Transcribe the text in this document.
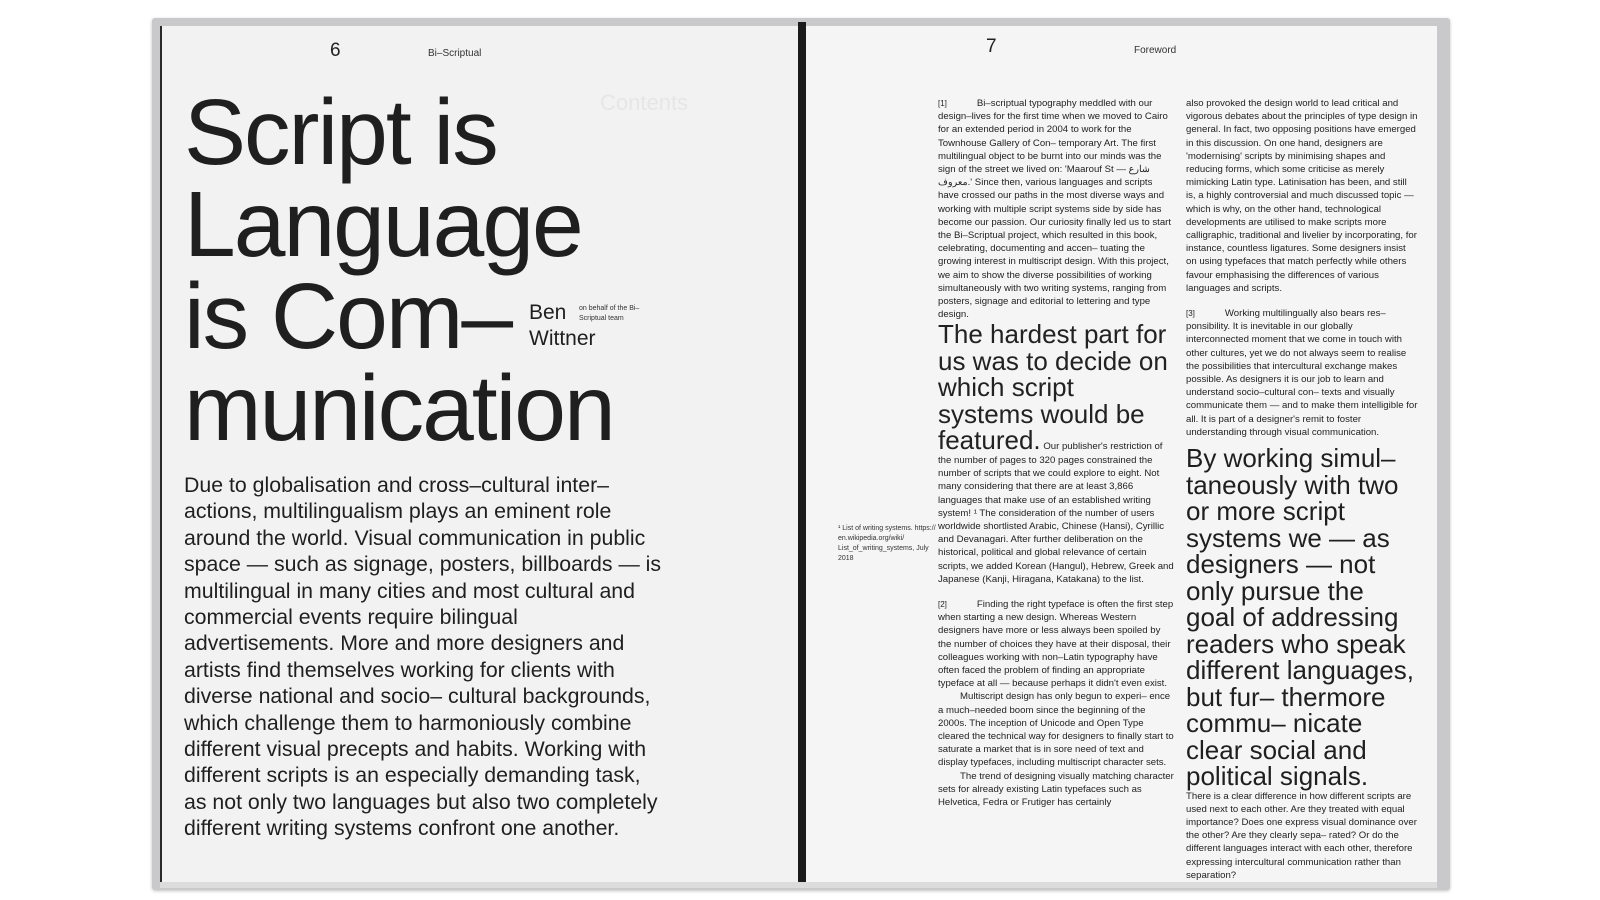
Contents
6	Bi–Scriptual
Script is
Language
is Com–
munication
Ben
Wittner
on behalf of the Bi–Scriptual team

Due to globalisation and cross–cultural inter– actions, multilingualism plays an eminent role around the world. Visual communication in public space — such as signage, posters, billboards — is multilingual in many cities and most cultural and commercial events require bilingual advertisements. More and more designers and artists find themselves working for clients with diverse national and socio– cultural backgrounds, which challenge them to harmoniously combine different visual precepts and habits. Working with different scripts is an especially demanding task, as not only two languages but also two completely different writing systems confront one another.

7	Foreword
¹ List of writing systems. https:// en.wikipedia.org/wiki/ List_of_writing_systems, July 2018

[1]	Bi–scriptual typography meddled with our design–lives for the first time when we moved to Cairo for an extended period in 2004 to work for the Townhouse Gallery of Con– temporary Art. The first multilingual object to be burnt into our minds was the sign of the street we lived on: 'Maarouf St — شارع معروف.' Since then, various languages and scripts have crossed our paths in the most diverse ways and working with multiple script systems side by side has become our passion. Our curiosity finally led us to start the Bi–Scriptual project, which resulted in this book, celebrating, documenting and accen– tuating the growing interest in multiscript design. With this project, we aim to show the diverse possibilities of working simultaneously with two writing systems, ranging from posters, signage and editorial to lettering and type design.

The hardest part for us was to decide on which script systems would be featured. Our publisher's restriction of the number of pages to 320 pages constrained the number of scripts that we could explore to eight. Not many considering that there are at least 3,866 languages that make use of an established writing system! ¹ The consideration of the number of users worldwide shortlisted Arabic, Chinese (Hansi), Cyrillic and Devanagari. After further deliberation on the historical, political and global relevance of certain scripts, we added Korean (Hangul), Hebrew, Greek and Japanese (Kanji, Hiragana, Katakana) to the list.

[2]	Finding the right typeface is often the first step when starting a new design. Whereas Western designers have more or less always been spoiled by the number of choices they have at their disposal, their colleagues working with non–Latin typography have often faced the problem of finding an appropriate typeface at all — because perhaps it didn't even exist.

Multiscript design has only begun to experi– ence a much–needed boom since the beginning of the 2000s. The inception of Unicode and Open Type cleared the technical way for designers to finally start to saturate a market that is in sore need of text and display typefaces, including multiscript character sets.

The trend of designing visually matching character sets for already existing Latin typefaces such as Helvetica, Fedra or Frutiger has certainly

also provoked the design world to lead critical and vigorous debates about the principles of type design in general. In fact, two opposing positions have emerged in this discussion. On one hand, designers are 'modernising' scripts by minimising shapes and reducing forms, which some criticise as merely mimicking Latin type. Latinisation has been, and still is, a highly controversial and much discussed topic — which is why, on the other hand, technological developments are utilised to make scripts more calligraphic, traditional and livelier by incorporating, for instance, countless ligatures. Some designers insist on using typefaces that match perfectly while others favour emphasising the differences of various languages and scripts.

[3]	Working multilingually also bears res– ponsibility. It is inevitable in our globally interconnected moment that we come in touch with other cultures, yet we do not always seem to realise the possibilities that intercultural exchange makes possible. As designers it is our job to learn and understand socio–cultural con– texts and visually communicate them — and to make them intelligible for all. It is part of a designer's remit to foster understanding through visual communication.

By working simul– taneously with two or more script systems we — as designers — not only pursue the goal of addressing readers who speak different languages, but fur– thermore commu– nicate clear social and political signals.

There is a clear difference in how different scripts are used next to each other. Are they treated with equal importance? Does one express visual dominance over the other? Are they clearly sepa– rated? Or do the different languages interact with each other, therefore expressing intercultural communication rather than separation?
